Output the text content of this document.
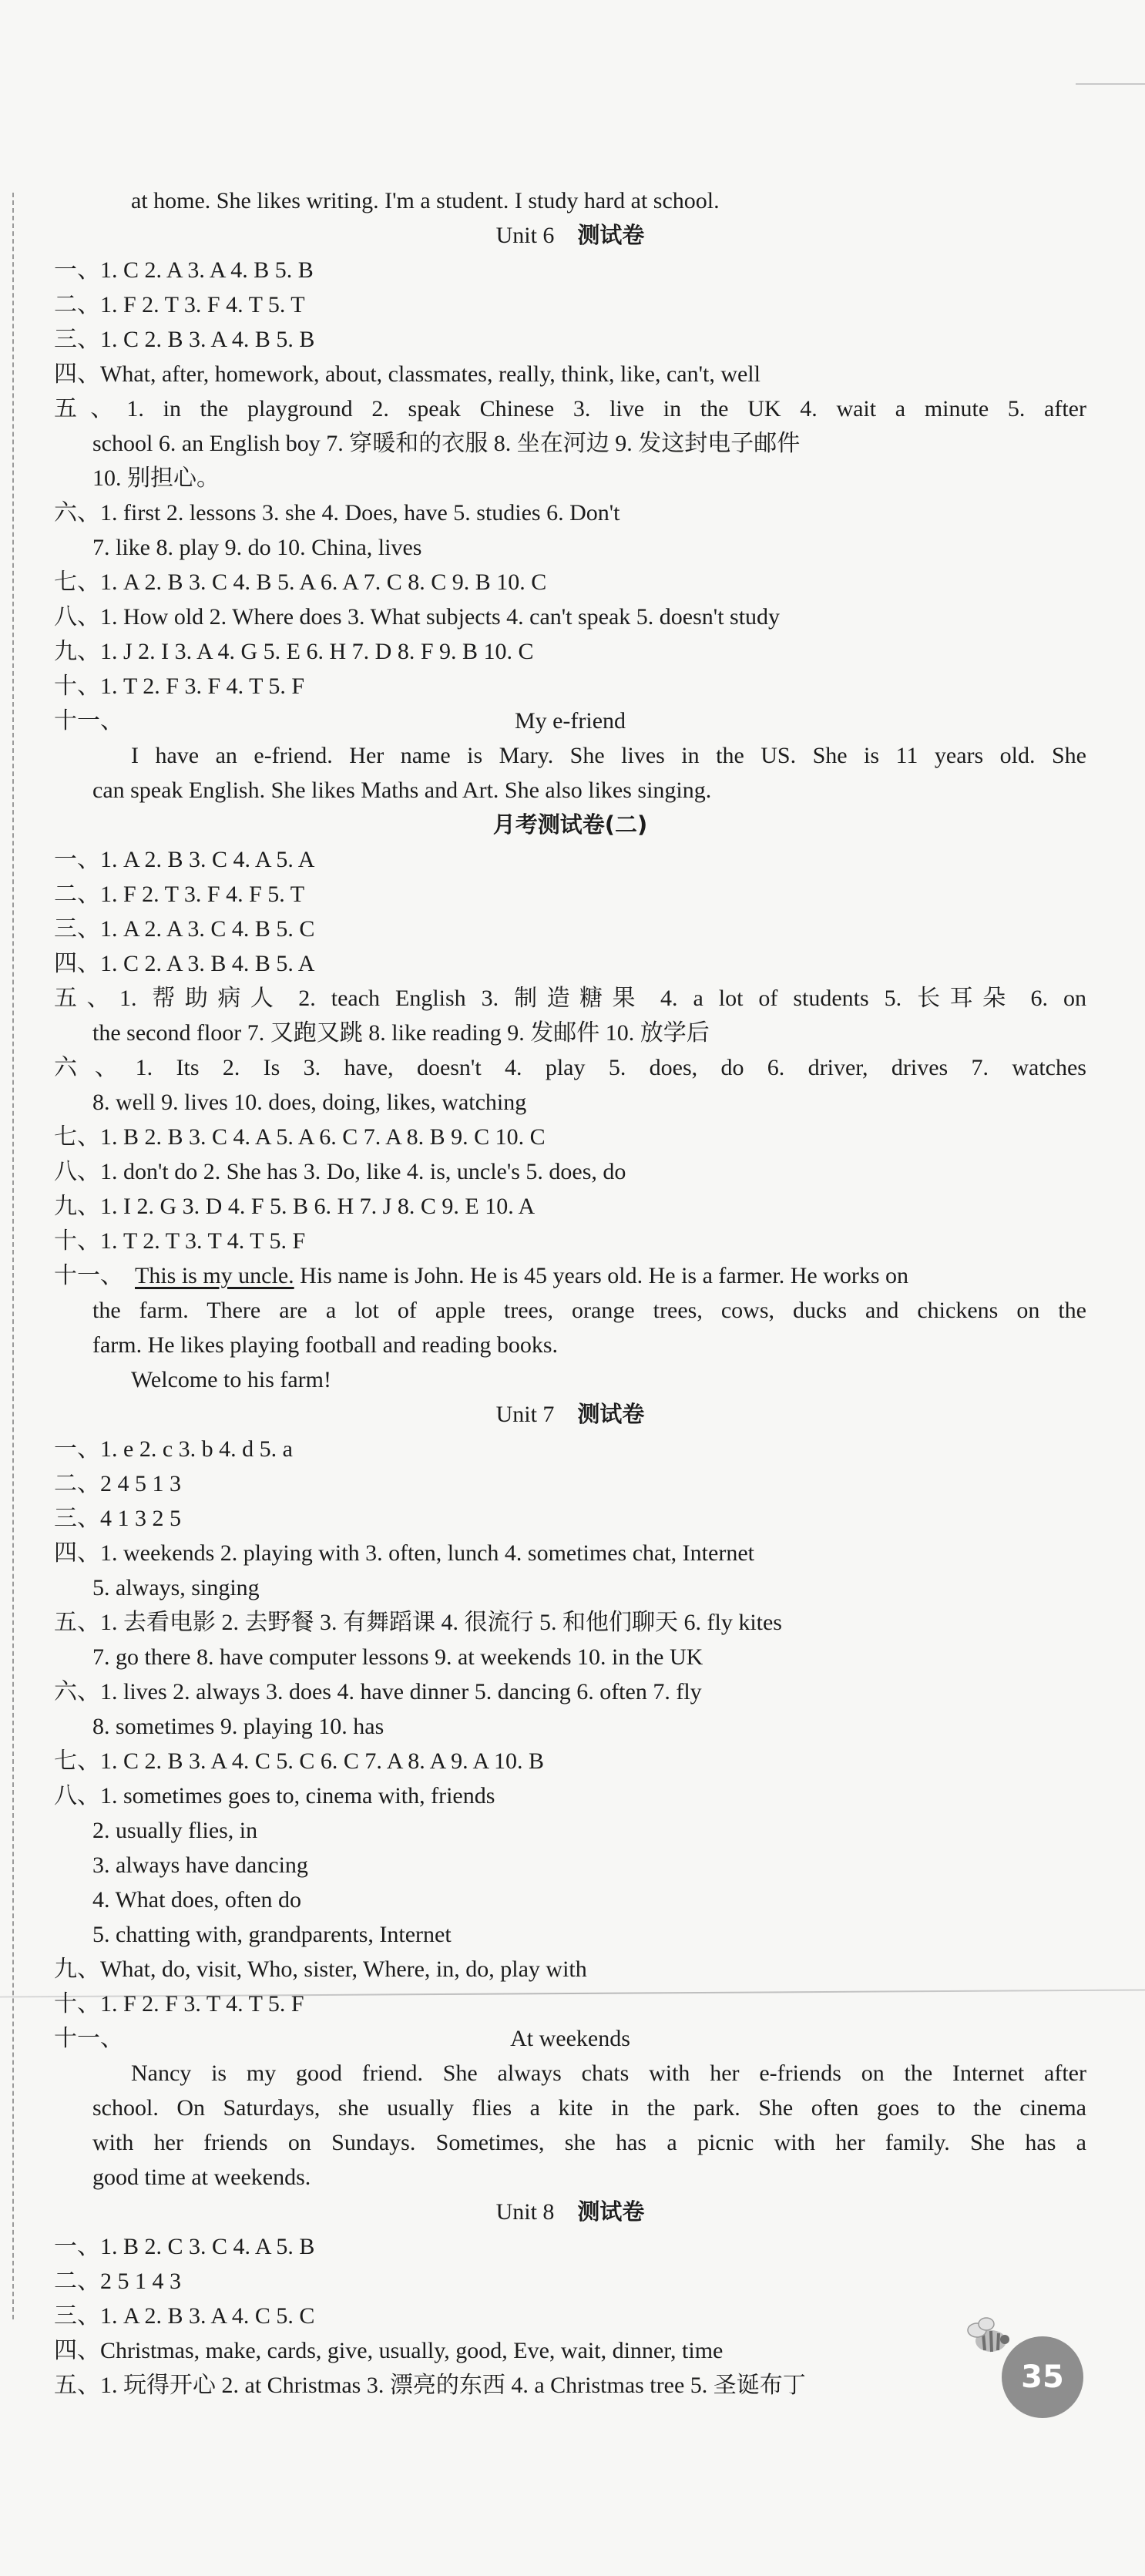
at home. She likes writing. I'm a student. I study hard at school.
Unit 6  测试卷
一、1. C 2. A 3. A 4. B 5. B
二、1. F 2. T 3. F 4. T 5. T
三、1. C 2. B 3. A 4. B 5. B
四、What, after, homework, about, classmates, really, think, like, can't, well
五、1. in the playground 2. speak Chinese 3. live in the UK 4. wait a minute 5. after
school 6. an English boy 7. 穿暖和的衣服 8. 坐在河边 9. 发这封电子邮件
10. 别担心。
六、1. first 2. lessons 3. she 4. Does, have 5. studies 6. Don't
7. like 8. play 9. do 10. China, lives
七、1. A 2. B 3. C 4. B 5. A 6. A 7. C 8. C 9. B 10. C
八、1. How old 2. Where does 3. What subjects 4. can't speak 5. doesn't study
九、1. J 2. I 3. A 4. G 5. E 6. H 7. D 8. F 9. B 10. C
十、1. T 2. F 3. F 4. T 5. F
十一、	My e-friend
I have an e-friend. Her name is Mary. She lives in the US. She is 11 years old. She
can speak English. She likes Maths and Art. She also likes singing.
月考测试卷(二)
一、1. A 2. B 3. C 4. A 5. A
二、1. F 2. T 3. F 4. F 5. T
三、1. A 2. A 3. C 4. B 5. C
四、1. C 2. A 3. B 4. B 5. A
五、1. 帮助病人 2. teach English 3. 制造糖果 4. a lot of students 5. 长耳朵 6. on
the second floor 7. 又跑又跳 8. like reading 9. 发邮件 10. 放学后
六、1. Its 2. Is 3. have, doesn't 4. play 5. does, do 6. driver, drives 7. watches
8. well 9. lives 10. does, doing, likes, watching
七、1. B 2. B 3. C 4. A 5. A 6. C 7. A 8. B 9. C 10. C
八、1. don't do 2. She has 3. Do, like 4. is, uncle's 5. does, do
九、1. I 2. G 3. D 4. F 5. B 6. H 7. J 8. C 9. E 10. A
十、1. T 2. T 3. T 4. T 5. F
十一、  This is my uncle. His name is John. He is 45 years old. He is a farmer. He works on
the farm. There are a lot of apple trees, orange trees, cows, ducks and chickens on the
farm. He likes playing football and reading books.
Welcome to his farm!
Unit 7  测试卷
一、1. e 2. c 3. b 4. d 5. a
二、2 4 5 1 3
三、4 1 3 2 5
四、1. weekends 2. playing with 3. often, lunch 4. sometimes chat, Internet
5. always, singing
五、1. 去看电影 2. 去野餐 3. 有舞蹈课 4. 很流行 5. 和他们聊天 6. fly kites
7. go there 8. have computer lessons 9. at weekends 10. in the UK
六、1. lives 2. always 3. does 4. have dinner 5. dancing 6. often 7. fly
8. sometimes 9. playing 10. has
七、1. C 2. B 3. A 4. C 5. C 6. C 7. A 8. A 9. A 10. B
八、1. sometimes goes to, cinema with, friends
2. usually flies, in
3. always have dancing
4. What does, often do
5. chatting with, grandparents, Internet
九、What, do, visit, Who, sister, Where, in, do, play with
十、1. F 2. F 3. T 4. T 5. F
十一、	At weekends
Nancy is my good friend. She always chats with her e-friends on the Internet after
school. On Saturdays, she usually flies a kite in the park. She often goes to the cinema
with her friends on Sundays. Sometimes, she has a picnic with her family. She has a
good time at weekends.
Unit 8  测试卷
一、1. B 2. C 3. C 4. A 5. B
二、2 5 1 4 3
三、1. A 2. B 3. A 4. C 5. C
四、Christmas, make, cards, give, usually, good, Eve, wait, dinner, time
五、1. 玩得开心 2. at Christmas 3. 漂亮的东西 4. a Christmas tree 5. 圣诞布丁	35
